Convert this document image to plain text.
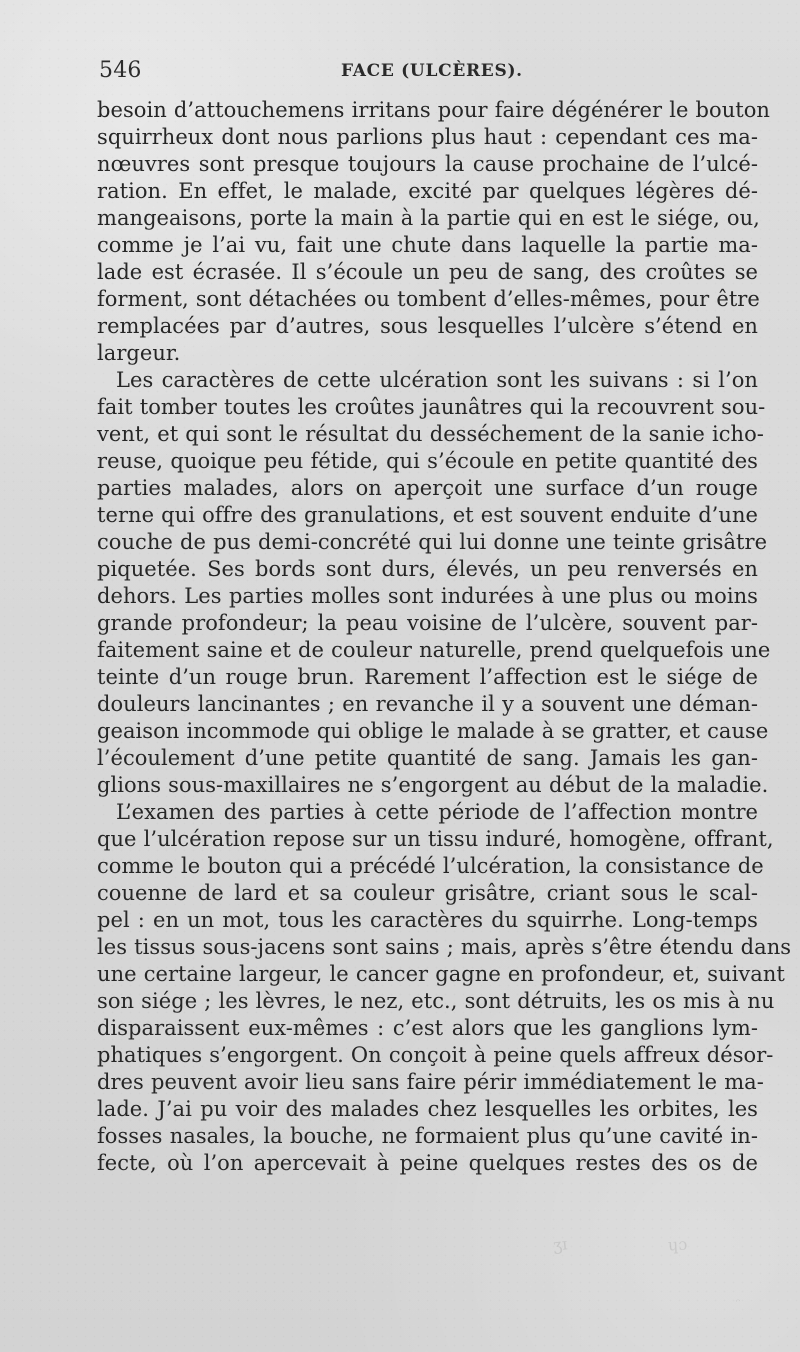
ʒɪ	ɥɔ
ᵔ
546	FACE (ULCÈRES).
besoin d’attouchemens irritans pour faire dégénérer le bouton
squirrheux dont nous parlions plus haut : cependant ces ma-
nœuvres sont presque toujours la cause prochaine de l’ulcé-
ration. En effet, le malade, excité par quelques légères dé-
mangeaisons, porte la main à la partie qui en est le siége, ou,
comme je l’ai vu, fait une chute dans laquelle la partie ma-
lade est écrasée. Il s’écoule un peu de sang, des croûtes se
forment, sont détachées ou tombent d’elles-mêmes, pour être
remplacées par d’autres, sous lesquelles l’ulcère s’étend en
largeur.
Les caractères de cette ulcération sont les suivans : si l’on
fait tomber toutes les croûtes jaunâtres qui la recouvrent sou-
vent, et qui sont le résultat du desséchement de la sanie icho-
reuse, quoique peu fétide, qui s’écoule en petite quantité des
parties malades, alors on aperçoit une surface d’un rouge
terne qui offre des granulations, et est souvent enduite d’une
couche de pus demi-concrété qui lui donne une teinte grisâtre
piquetée. Ses bords sont durs, élevés, un peu renversés en
dehors. Les parties molles sont indurées à une plus ou moins
grande profondeur; la peau voisine de l’ulcère, souvent par-
faitement saine et de couleur naturelle, prend quelquefois une
teinte d’un rouge brun. Rarement l’affection est le siége de
douleurs lancinantes ; en revanche il y a souvent une déman-
geaison incommode qui oblige le malade à se gratter, et cause
l’écoulement d’une petite quantité de sang. Jamais les gan-
glions sous-maxillaires ne s’engorgent au début de la maladie.
L’examen des parties à cette période de l’affection montre
que l’ulcération repose sur un tissu induré, homogène, offrant,
comme le bouton qui a précédé l’ulcération, la consistance de
couenne de lard et sa couleur grisâtre, criant sous le scal-
pel : en un mot, tous les caractères du squirrhe. Long-temps
les tissus sous-jacens sont sains ; mais, après s’être étendu dans
une certaine largeur, le cancer gagne en profondeur, et, suivant
son siége ; les lèvres, le nez, etc., sont détruits, les os mis à nu
disparaissent eux-mêmes : c’est alors que les ganglions lym-
phatiques s’engorgent. On conçoit à peine quels affreux désor-
dres peuvent avoir lieu sans faire périr immédiatement le ma-
lade. J’ai pu voir des malades chez lesquelles les orbites, les
fosses nasales, la bouche, ne formaient plus qu’une cavité in-
fecte, où l’on apercevait à peine quelques restes des os de
